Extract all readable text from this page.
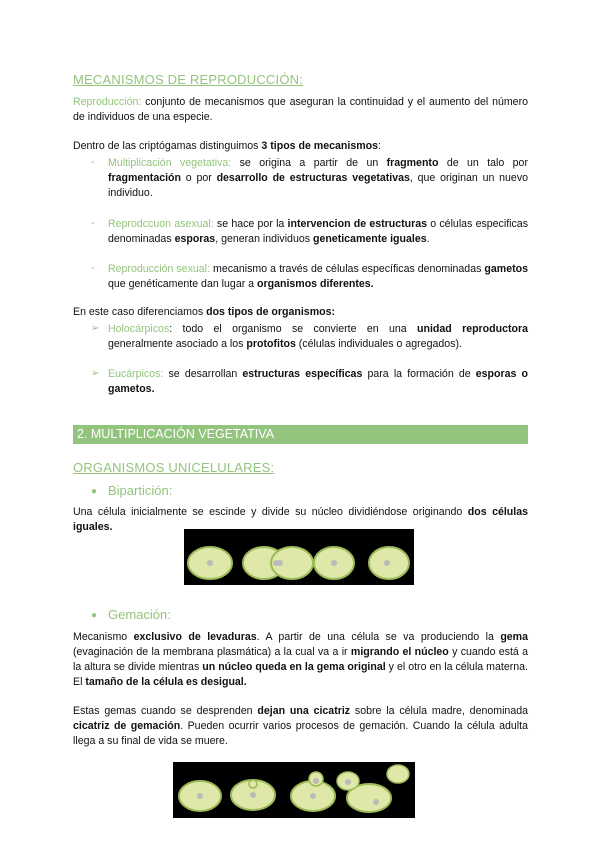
MECANISMOS DE REPRODUCCIÓN:

Reproducción: conjunto de mecanismos que aseguran la continuidad y el aumento del número de individuos de una especie.

Dentro de las criptógamas distinguimos 3 tipos de mecanismos:

- Multiplicación vegetativa: se origina a partir de un fragmento de un talo por fragmentación o por desarrollo de estructuras vegetativas, que originan un nuevo individuo.

- Reprodccuon asexual: se hace por la intervencion de estructuras o células especificas denominadas esporas, generan individuos geneticamente iguales.

- Reproducción sexual: mecanismo a través de células específicas denominadas gametos que genéticamente dan lugar a organismos diferentes.

En este caso diferenciamos dos tipos de organismos:

➢ Holocárpicos: todo el organismo se convierte en una unidad reproductora generalmente asociado a los protofitos (células individuales o agregados).

➢ Eucárpicos: se desarrollan estructuras específicas para la formación de esporas o gametos.

2. MULTIPLICACIÓN VEGETATIVA
ORGANISMOS UNICELULARES:
● Bipartición:

Una célula inicialmente se escinde y divide su núcleo dividiéndose originando dos células iguales.

● Gemación:

Mecanismo exclusivo de levaduras. A partir de una célula se va produciendo la gema (evaginación de la membrana plasmática) a la cual va a ir migrando el núcleo y cuando está a la altura se divide mientras un núcleo queda en la gema original y el otro en la célula materna. El tamaño de la célula es desigual.

Estas gemas cuando se desprenden dejan una cicatriz sobre la célula madre, denominada cicatriz de gemación. Pueden ocurrir varios procesos de gemación. Cuando la célula adulta llega a su final de vida se muere.
